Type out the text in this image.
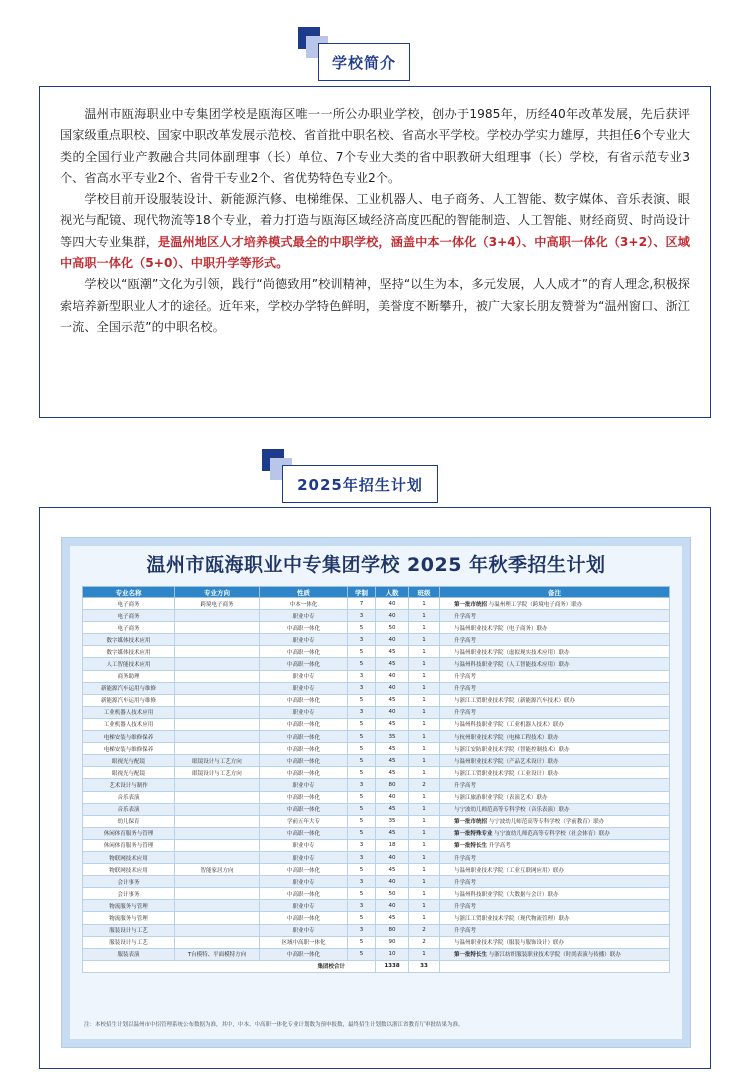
学校简介

温州市瓯海职业中专集团学校是瓯海区唯一一所公办职业学校，创办于1985年，历经40年改革发展，先后获评国家级重点职校、国家中职改革发展示范校、省首批中职名校、省高水平学校。学校办学实力雄厚，共担任6个专业大类的全国行业产教融合共同体副理事（长）单位、7个专业大类的省中职教研大组理事（长）学校，有省示范专业3个、省高水平专业2个、省骨干专业2个、省优势特色专业2个。

学校目前开设服装设计、新能源汽修、电梯维保、工业机器人、电子商务、人工智能、数字媒体、音乐表演、眼视光与配镜、现代物流等18个专业，着力打造与瓯海区域经济高度匹配的智能制造、人工智能、财经商贸、时尚设计等四大专业集群，是温州地区人才培养模式最全的中职学校，涵盖中本一体化（3+4）、中高职一体化（3+2）、区域中高职一体化（5+0）、中职升学等形式。

学校以“瓯潮”文化为引领，践行“尚德致用”校训精神，坚持“以生为本，多元发展，人人成才”的育人理念,积极探索培养新型职业人才的途径。近年来，学校办学特色鲜明，美誉度不断攀升，被广大家长朋友赞誉为“温州窗口、浙江一流、全国示范”的中职名校。

2025年招生计划
温州市瓯海职业中专集团学校 2025 年秋季招生计划
专业名称	专业方向	性质	学制	人数	班级	备注
电子商务	跨境电子商务	中本一体化	7	40	1	第一批市统招 与温州理工学院（跨境电子商务）联办
电子商务		职业中专	3	40	1	升学高考
电子商务		中高职一体化	5	50	1	与温州职业技术学院（电子商务）联办
数字媒体技术应用		职业中专	3	40	1	升学高考
数字媒体技术应用		中高职一体化	5	45	1	与温州职业技术学院（虚拟现实技术应用）联办
人工智能技术应用		中高职一体化	5	45	1	与温州科技职业学院（人工智能技术应用）联办
商务助理		职业中专	3	40	1	升学高考
新能源汽车运用与维修		职业中专	3	40	1	升学高考
新能源汽车运用与维修		中高职一体化	5	45	1	与浙江工贸职业技术学院（新能源汽车技术）联办
工业机器人技术应用		职业中专	3	40	1	升学高考
工业机器人技术应用		中高职一体化	5	45	1	与温州科技职业学院（工业机器人技术）联办
电梯安装与维修保养		中高职一体化	5	35	1	与杭州职业技术学院（电梯工程技术）联办
电梯安装与维修保养		中高职一体化	5	45	1	与浙江安防职业技术学院（智能控制技术）联办
眼视光与配镜	眼镜设计与工艺方向	中高职一体化	5	45	1	与温州职业技术学院（产品艺术设计）联办
眼视光与配镜	眼镜设计与工艺方向	中高职一体化	5	45	1	与浙江工贸职业技术学院（工业设计）联办
艺术设计与制作		职业中专	3	80	2	升学高考
音乐表演		中高职一体化	5	40	1	与浙江旅游职业学院（表演艺术）联办
音乐表演		中高职一体化	5	45	1	与宁波幼儿师范高等专科学校（音乐表演）联办
幼儿保育		学前五年大专	5	35	1	第一批市统招 与宁波幼儿师范高等专科学校（学前教育）联办
休闲体育服务与管理		中高职一体化	5	45	1	第一批特殊专业 与宁波幼儿师范高等专科学校（社会体育）联办
休闲体育服务与管理		职业中专	3	18	1	第一批特长生 升学高考
物联网技术应用		职业中专	3	40	1	升学高考
物联网技术应用	智能家居方向	中高职一体化	5	45	1	与温州职业技术学院（工业互联网应用）联办
会计事务		职业中专	3	40	1	升学高考
会计事务		中高职一体化	5	50	1	与温州科技职业学院（大数据与会计）联办
物流服务与管理		职业中专	3	40	1	升学高考
物流服务与管理		中高职一体化	5	45	1	与浙江工贸职业技术学院（现代物流管理）联办
服装设计与工艺		职业中专	3	80	2	升学高考
服装设计与工艺		区域中高职一体化	5	90	2	与温州职业技术学院（服装与服饰设计）联办
服装表演	T台模特、平面模特方向	中高职一体化	5	10	1	第一批特长生 与浙江纺织服装职业技术学院（时尚表演与传播）联办
集团校合计				1338	33	
注：本校招生计划以温州市中招管理系统公布数据为准，其中，中本、中高职一体化专业计划数为预申报数，最终招生计划数以浙江省教育厅审批结果为准。
